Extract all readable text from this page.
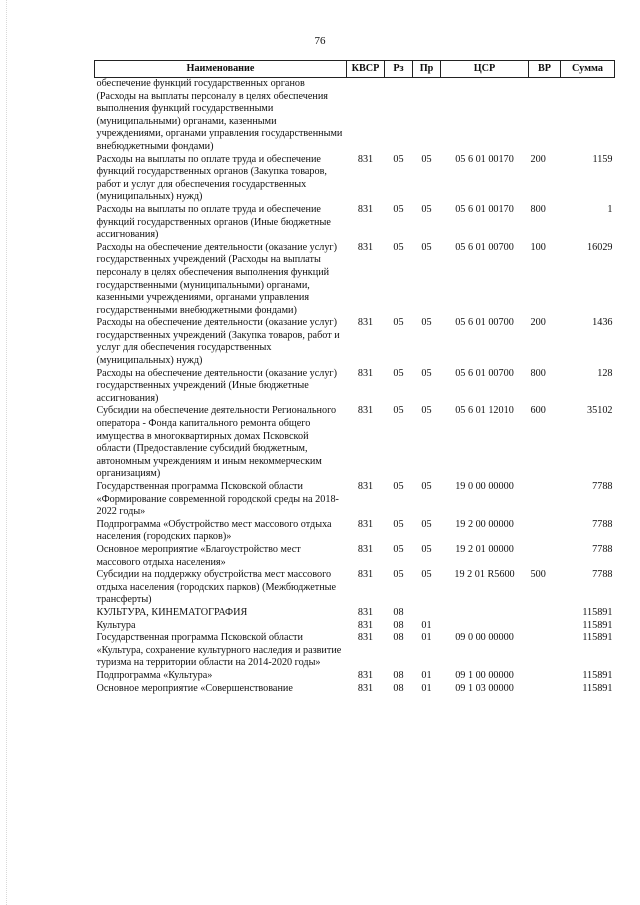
76
Наименование	КВСР	Рз	Пр	ЦСР	ВР	Сумма
обеспечение функций государственных органов (Расходы на выплаты персоналу в целях обеспечения выполнения функций государственными (муниципальными) органами, казенными учреждениями, органами управления государственными внебюджетными фондами)						
Расходы на выплаты по оплате труда и обеспечение функций государственных органов (Закупка товаров, работ и услуг для обеспечения государственных (муниципальных) нужд)	831	05	05	05 6 01 00170	200	1159
Расходы на выплаты по оплате труда и обеспечение функций государственных органов (Иные бюджетные ассигнования)	831	05	05	05 6 01 00170	800	1
Расходы на обеспечение деятельности (оказание услуг) государственных учреждений (Расходы на выплаты персоналу в целях обеспечения выполнения функций государственными (муниципальными) органами, казенными учреждениями, органами управления государственными внебюджетными фондами)	831	05	05	05 6 01 00700	100	16029
Расходы на обеспечение деятельности (оказание услуг) государственных учреждений (Закупка товаров, работ и услуг для обеспечения государственных (муниципальных) нужд)	831	05	05	05 6 01 00700	200	1436
Расходы на обеспечение деятельности (оказание услуг) государственных учреждений (Иные бюджетные ассигнования)	831	05	05	05 6 01 00700	800	128
Субсидии на обеспечение деятельности Регионального оператора - Фонда капитального ремонта общего имущества в многоквартирных домах Псковской области (Предоставление субсидий бюджетным, автономным учреждениям и иным некоммерческим организациям)	831	05	05	05 6 01 12010	600	35102
Государственная программа Псковской области «Формирование современной городской среды на 2018-2022 годы»	831	05	05	19 0 00 00000		7788
Подпрограмма «Обустройство мест массового отдыха населения (городских парков)»	831	05	05	19 2 00 00000		7788
Основное мероприятие «Благоустройство мест массового отдыха населения»	831	05	05	19 2 01 00000		7788
Субсидии на поддержку обустройства мест массового отдыха населения (городских парков) (Межбюджетные трансферты)	831	05	05	19 2 01 R5600	500	7788
КУЛЬТУРА, КИНЕМАТОГРАФИЯ	831	08				115891
Культура	831	08	01			115891
Государственная программа Псковской области «Культура, сохранение культурного наследия и развитие туризма на территории области на 2014-2020 годы»	831	08	01	09 0 00 00000		115891
Подпрограмма «Культура»	831	08	01	09 1 00 00000		115891
Основное мероприятие «Совершенствование	831	08	01	09 1 03 00000		115891
